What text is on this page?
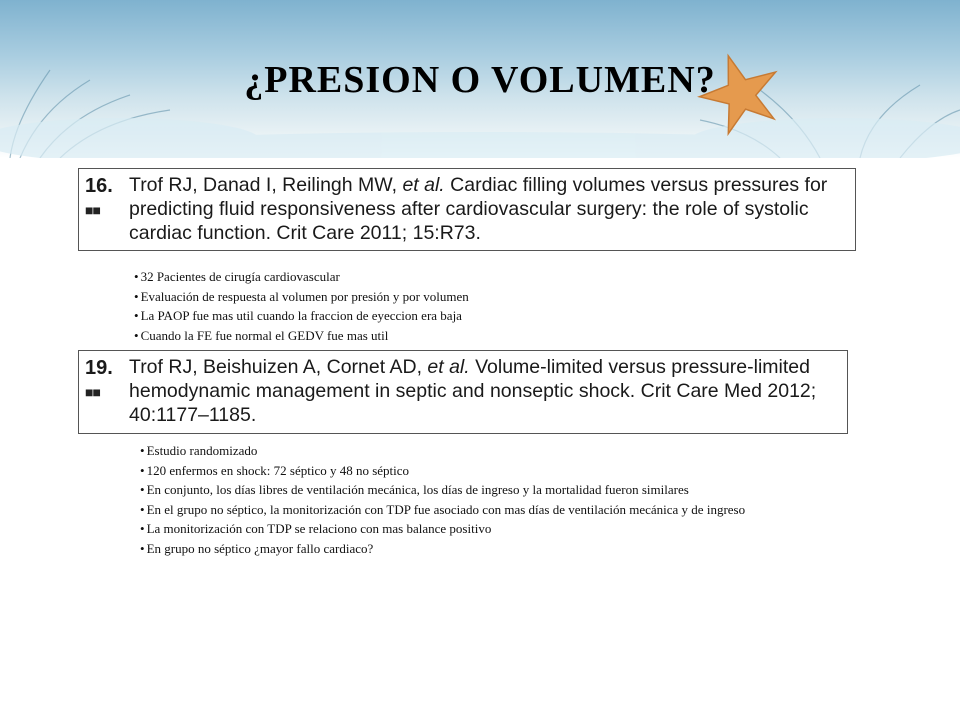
¿PRESION O VOLUMEN?
16.
■■
Trof RJ, Danad I, Reilingh MW, et al. Cardiac filling volumes versus pressures for predicting fluid responsiveness after cardiovascular surgery: the role of systolic cardiac function. Crit Care 2011; 15:R73.
• 32 Pacientes de cirugía cardiovascular
• Evaluación de respuesta al volumen por presión y por volumen
• La PAOP fue mas util cuando la fraccion de eyeccion era baja
• Cuando la FE fue normal el GEDV fue mas util
19.
■■
Trof RJ, Beishuizen A, Cornet AD, et al. Volume-limited versus pressure-limited hemodynamic management in septic and nonseptic shock. Crit Care Med 2012; 40:1177–1185.
• Estudio randomizado
• 120 enfermos en shock: 72 séptico y 48 no séptico
• En conjunto, los días libres de ventilación mecánica, los días de ingreso y la mortalidad fueron similares
• En el grupo no séptico, la monitorización con TDP fue asociado con mas días de ventilación mecánica y de ingreso
• La monitorización con TDP se relaciono con mas balance positivo
• En grupo no séptico ¿mayor fallo cardiaco?
